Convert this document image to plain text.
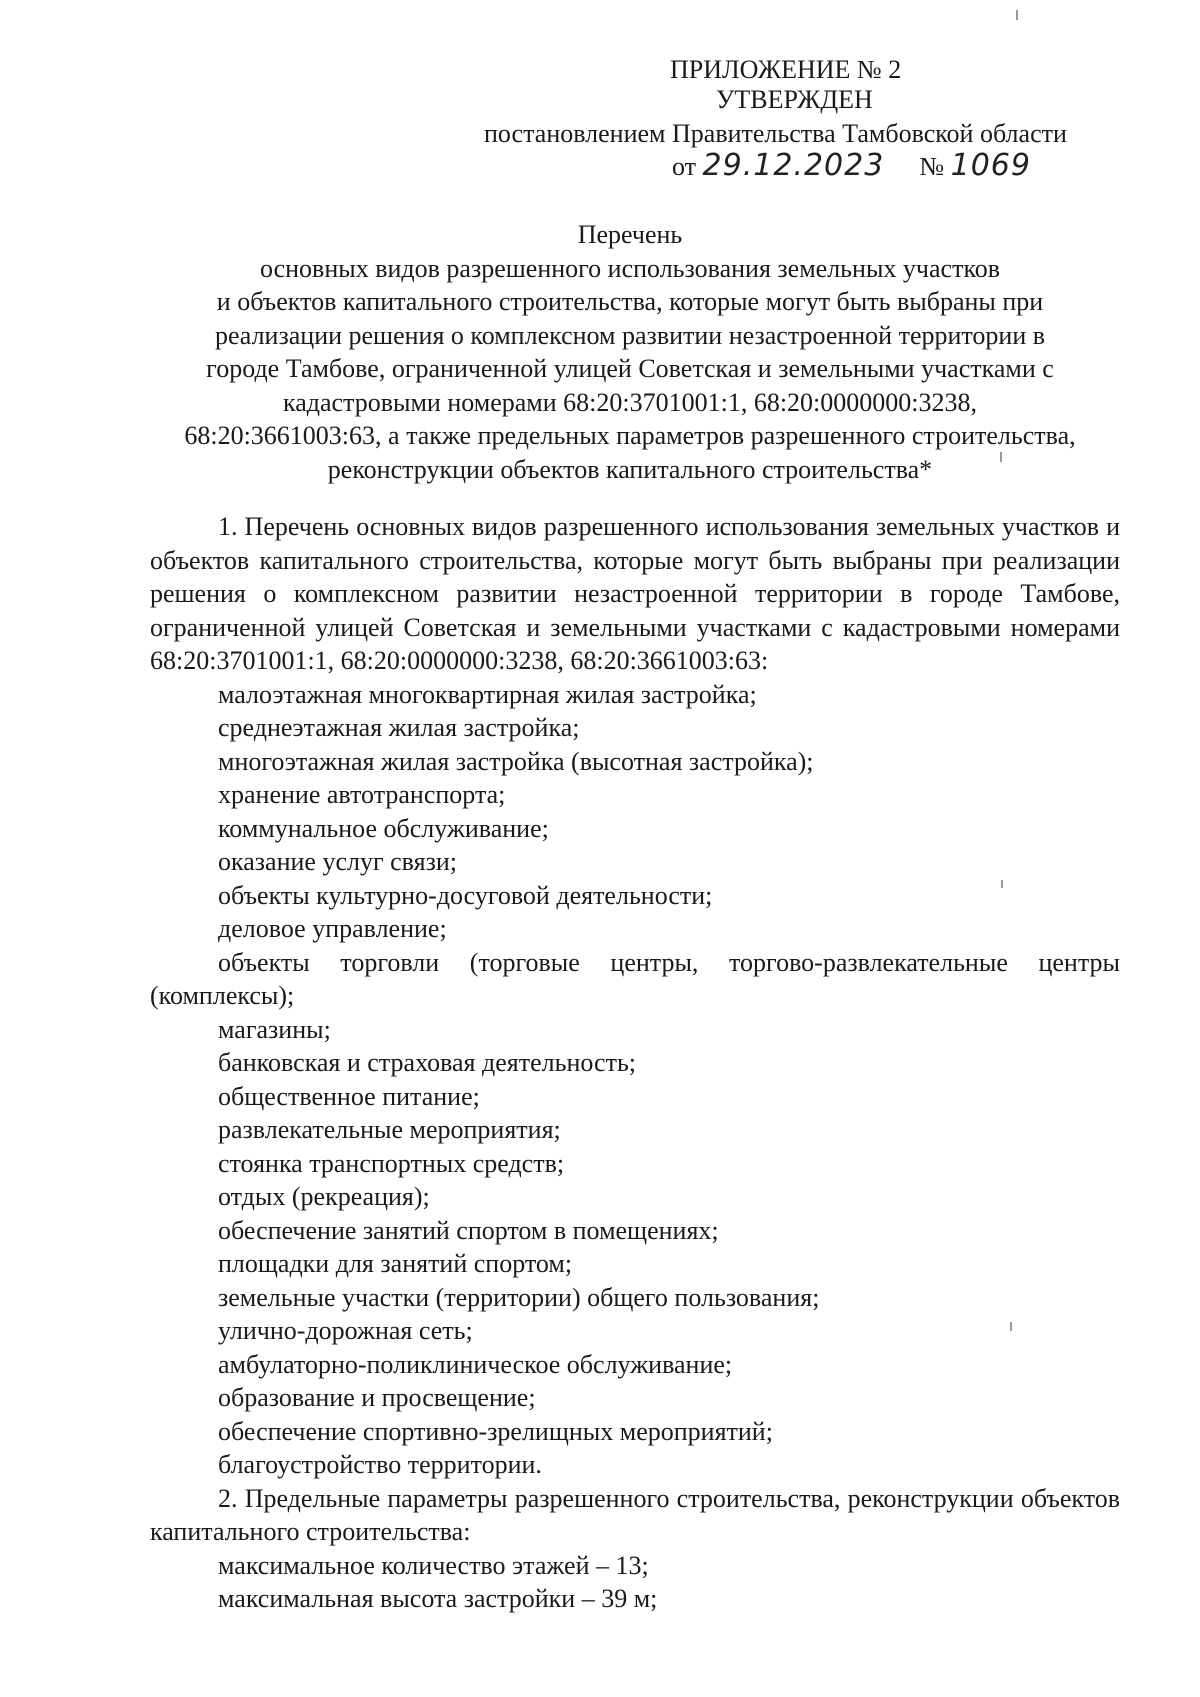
ПРИЛОЖЕНИЕ № 2
УТВЕРЖДЕН
постановлением Правительства Тамбовской области
от 29.12.2023 № 1069
Перечень
основных видов разрешенного использования земельных участков
и объектов капитального строительства, которые могут быть выбраны при
реализации решения о комплексном развитии незастроенной территории в
городе Тамбове, ограниченной улицей Советская и земельными участками с
кадастровыми номерами 68:20:3701001:1, 68:20:0000000:3238,
68:20:3661003:63, а также предельных параметров разрешенного строительства,
реконструкции объектов капитального строительства*

1. Перечень основных видов разрешенного использования земельных участков и объектов капитального строительства, которые могут быть выбраны при реализации решения о комплексном развитии незастроенной территории в городе Тамбове, ограниченной улицей Советская и земельными участками с кадастровыми номерами 68:20:3701001:1, 68:20:0000000:3238, 68:20:3661003:63:

малоэтажная многоквартирная жилая застройка;
среднеэтажная жилая застройка;
многоэтажная жилая застройка (высотная застройка);
хранение автотранспорта;
коммунальное обслуживание;
оказание услуг связи;
объекты культурно-досуговой деятельности;
деловое управление;
объекты торговли (торговые центры, торгово-развлекательные центры (комплексы);
магазины;
банковская и страховая деятельность;
общественное питание;
развлекательные мероприятия;
стоянка транспортных средств;
отдых (рекреация);
обеспечение занятий спортом в помещениях;
площадки для занятий спортом;
земельные участки (территории) общего пользования;
улично-дорожная сеть;
амбулаторно-поликлиническое обслуживание;
образование и просвещение;
обеспечение спортивно-зрелищных мероприятий;
благоустройство территории.

2. Предельные параметры разрешенного строительства, реконструкции объектов капитального строительства:

максимальное количество этажей – 13;
максимальная высота застройки – 39 м;
